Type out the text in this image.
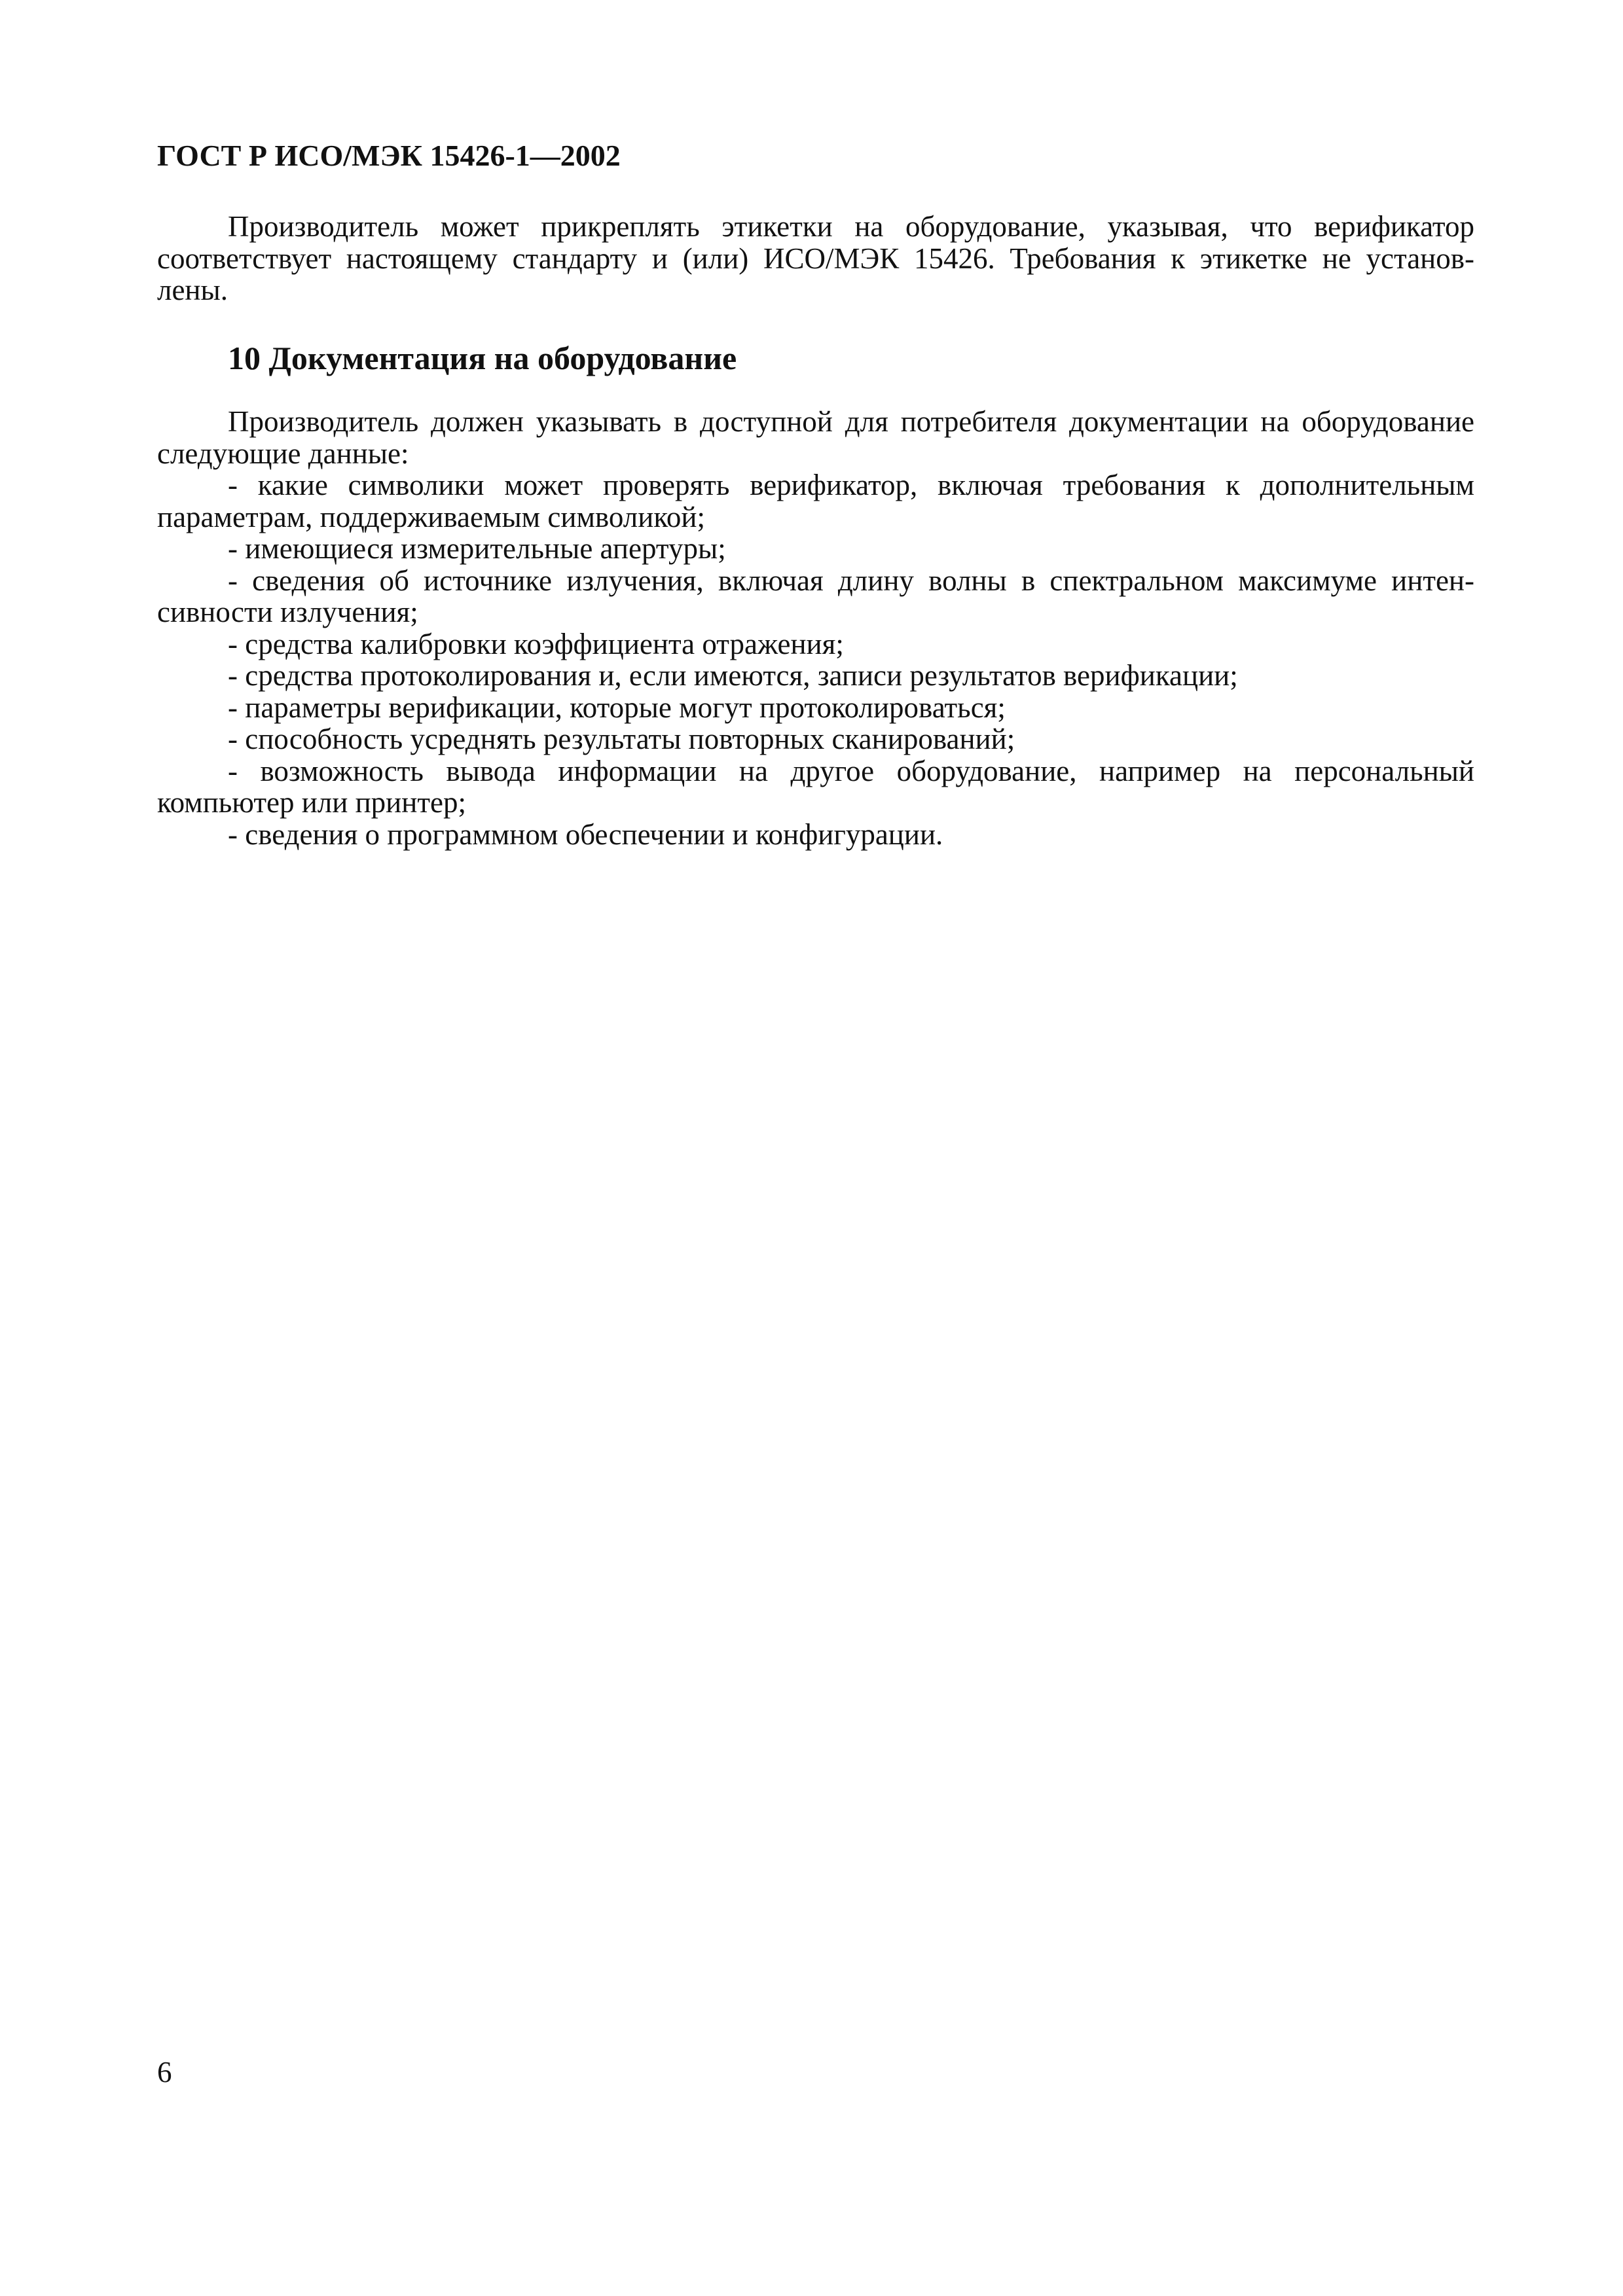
ГОСТ Р ИСО/МЭК 15426-1—2002
Производитель может прикреплять этикетки на оборудование, указывая, что верификатор
соответствует настоящему стандарту и (или) ИСО/МЭК 15426. Требования к этикетке не установ-
лены.
10 Документация на оборудование
Производитель должен указывать в доступной для потребителя документации на оборудование
следующие данные:
- какие символики может проверять верификатор, включая требования к дополнительным
параметрам, поддерживаемым символикой;
- имеющиеся измерительные апертуры;
- сведения об источнике излучения, включая длину волны в спектральном максимуме интен-
сивности излучения;
- средства калибровки коэффициента отражения;
- средства протоколирования и, если имеются, записи результатов верификации;
- параметры верификации, которые могут протоколироваться;
- способность усреднять результаты повторных сканирований;
- возможность вывода информации на другое оборудование, например на персональный
компьютер или принтер;
- сведения о программном обеспечении и конфигурации.
6
